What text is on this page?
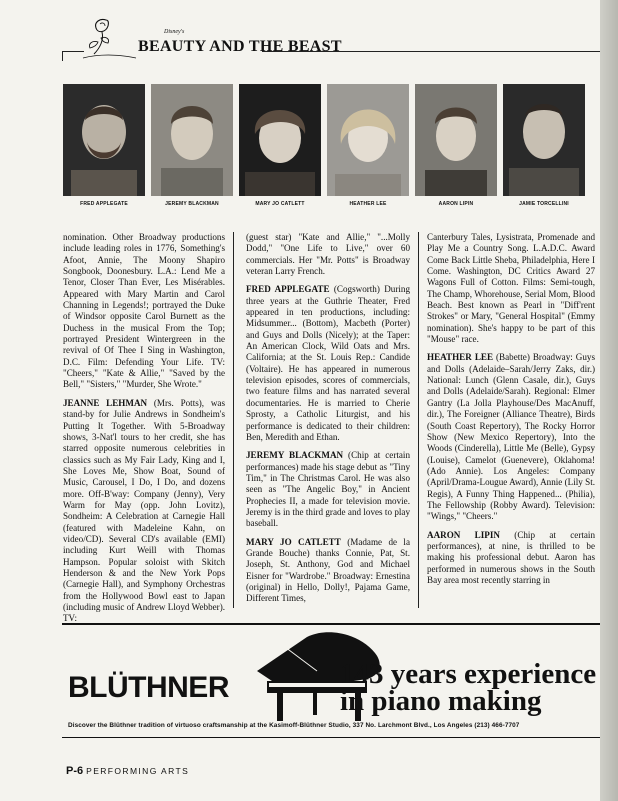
Disney's
BEAUTY AND THE BEAST
FRED APPLEGATE	JEREMY BLACKMAN	MARY JO CATLETT	HEATHER LEE	AARON LIPIN	JAMIE TORCELLINI

nomination. Other Broadway productions include leading roles in 1776, Something's Afoot, Annie, The Moony Shapiro Songbook, Doonesbury. L.A.: Lend Me a Tenor, Closer Than Ever, Les Misérables. Appeared with Mary Martin and Carol Channing in Legends!; portrayed the Duke of Windsor opposite Carol Burnett as the Duchess in the musical From the Top; portrayed President Wintergreen in the revival of Of Thee I Sing in Washington, D.C. Film: Defending Your Life. TV: "Cheers," "Kate & Allie," "Saved by the Bell," "Sisters," "Murder, She Wrote."

JEANNE LEHMAN (Mrs. Potts), was stand-by for Julie Andrews in Sondheim's Putting It Together. With 5-Broadway shows, 3-Nat'l tours to her credit, she has starred opposite numerous celebrities in classics such as My Fair Lady, King and I, She Loves Me, Show Boat, Sound of Music, Carousel, I Do, I Do, and dozens more. Off-B'way: Company (Jenny), Very Warm for May (opp. John Lovitz), Sondheim: A Celebration at Carnegie Hall (featured with Madeleine Kahn, on video/CD). Several CD's available (EMI) including Kurt Weill with Thomas Hampson. Popular soloist with Skitch Henderson & and the New York Pops (Carnegie Hall), and Symphony Orchestras from the Hollywood Bowl east to Japan (including music of Andrew Lloyd Webber). TV:

(guest star) "Kate and Allie," "...Molly Dodd," "One Life to Live," over 60 commercials. Her "Mr. Potts" is Broadway veteran Larry French.

FRED APPLEGATE (Cogsworth) During three years at the Guthrie Theater, Fred appeared in ten productions, including: Midsummer... (Bottom), Macbeth (Porter) and Guys and Dolls (Nicely); at the Taper: An American Clock, Wild Oats and Mrs. California; at the St. Louis Rep.: Candide (Voltaire). He has appeared in numerous television episodes, scores of commercials, two feature films and has narrated several documentaries. He is married to Cherie Sprosty, a Catholic Liturgist, and his performance is dedicated to their children: Ben, Meredith and Ethan.

JEREMY BLACKMAN (Chip at certain performances) made his stage debut as "Tiny Tim," in The Christmas Carol. He was also seen as "The Angelic Boy," in Ancient Prophecies II, a made for television movie. Jeremy is in the third grade and loves to play baseball.

MARY JO CATLETT (Madame de la Grande Bouche) thanks Connie, Pat, St. Joseph, St. Anthony, God and Michael Eisner for "Wardrobe." Broadway: Ernestina (original) in Hello, Dolly!, Pajama Game, Different Times,

Canterbury Tales, Lysistrata, Promenade and Play Me a Country Song. L.A.D.C. Award Come Back Little Sheba, Philadelphia, Here I Come. Washington, DC Critics Award 27 Wagons Full of Cotton. Films: Semi-tough, The Champ, Whorehouse, Serial Mom, Blood Beach. Best known as Pearl in "Diff'rent Strokes" or Mary, "General Hospital" (Emmy nomination). She's happy to be part of this "Mouse" race.

HEATHER LEE (Babette) Broadway: Guys and Dolls (Adelaide–Sarah/Jerry Zaks, dir.) National: Lunch (Glenn Casale, dir.), Guys and Dolls (Adelaide/Sarah). Regional: Elmer Gantry (La Jolla Playhouse/Des MacAnuff, dir.), The Foreigner (Alliance Theatre), Birds (South Coast Repertory), The Rocky Horror Show (New Mexico Repertory), Into the Woods (Cinderella), Little Me (Belle), Gypsy (Louise), Camelot (Guenevere), Oklahoma! (Ado Annie). Los Angeles: Company (April/Drama-Lougue Award), Annie (Lily St. Regis), A Funny Thing Happened... (Philia), The Fellowship (Robby Award). Television: "Wings," "Cheers."

AARON LIPIN (Chip at certain performances), at nine, is thrilled to be making his professional debut. Aaron has performed in numerous shows in the South Bay area most recently starring in

BLÜTHNER	143 years experience
in piano making
Discover the Blüthner tradition of virtuoso craftsmanship at the Kasimoff-Blüthner Studio, 337 No. Larchmont Blvd., Los Angeles (213) 466-7707
P-6 PERFORMING ARTS
